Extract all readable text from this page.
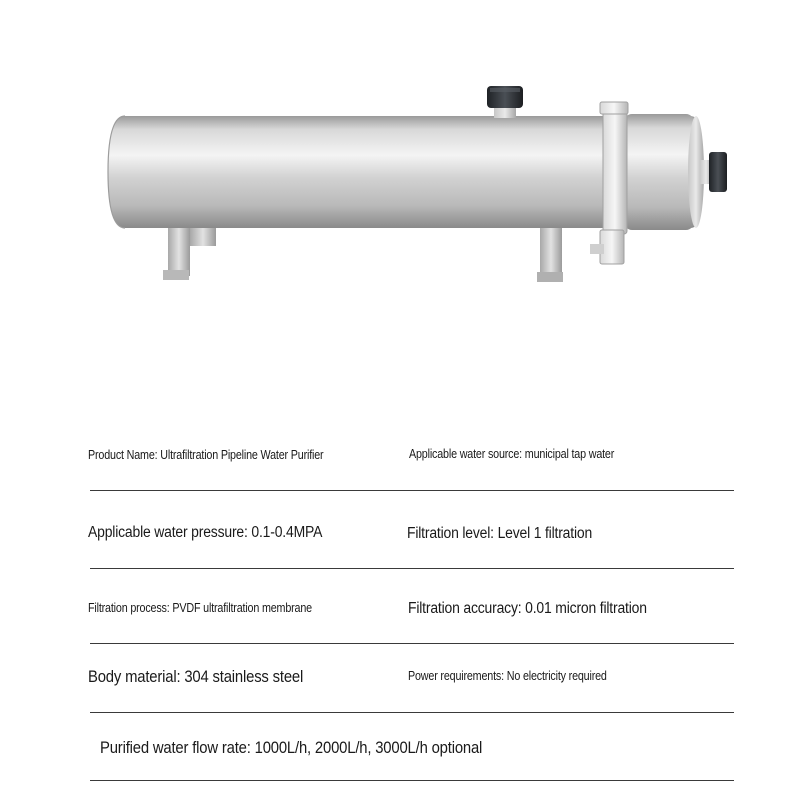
Product Name: Ultrafiltration Pipeline Water Purifier	Applicable water source: municipal tap water
Applicable water pressure: 0.1-0.4MPA	Filtration level: Level 1 filtration
Filtration process: PVDF ultrafiltration membrane	Filtration accuracy: 0.01 micron filtration
Body material: 304 stainless steel	Power requirements: No electricity required
Purified water flow rate: 1000L/h, 2000L/h, 3000L/h optional
